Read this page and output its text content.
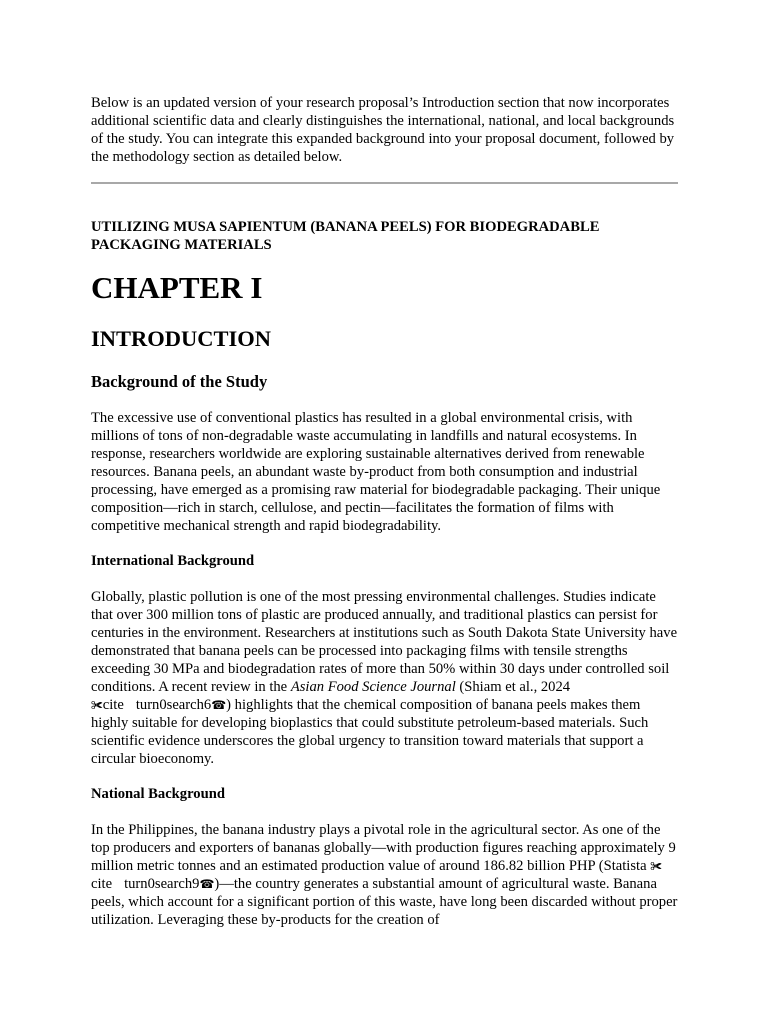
Below is an updated version of your research proposal’s Introduction section that now incorporates additional scientific data and clearly distinguishes the international, national, and local backgrounds of the study. You can integrate this expanded background into your proposal document, followed by the methodology section as detailed below.

UTILIZING MUSA SAPIENTUM (BANANA PEELS) FOR BIODEGRADABLE PACKAGING MATERIALS

CHAPTER I
INTRODUCTION
Background of the Study

The excessive use of conventional plastics has resulted in a global environmental crisis, with millions of tons of non-degradable waste accumulating in landfills and natural ecosystems. In response, researchers worldwide are exploring sustainable alternatives derived from renewable resources. Banana peels, an abundant waste by-product from both consumption and industrial processing, have emerged as a promising raw material for biodegradable packaging. Their unique composition—rich in starch, cellulose, and pectin—facilitates the formation of films with competitive mechanical strength and rapid biodegradability.

International Background

Globally, plastic pollution is one of the most pressing environmental challenges. Studies indicate that over 300 million tons of plastic are produced annually, and traditional plastics can persist for centuries in the environment. Researchers at institutions such as South Dakota State University have demonstrated that banana peels can be processed into packaging films with tensile strengths exceeding 30 MPa and biodegradation rates of more than 50% within 30 days under controlled soil conditions. A recent review in the Asian Food Science Journal (Shiam et al., 2024
✀cite turn0search6☎) highlights that the chemical composition of banana peels makes them highly suitable for developing bioplastics that could substitute petroleum-based materials. Such scientific evidence underscores the global urgency to transition toward materials that support a circular bioeconomy.

National Background

In the Philippines, the banana industry plays a pivotal role in the agricultural sector. As one of the top producers and exporters of bananas globally—with production figures reaching approximately 9 million metric tonnes and an estimated production value of around 186.82 billion PHP (Statista ✀cite turn0search9☎)—the country generates a substantial amount of agricultural waste. Banana peels, which account for a significant portion of this waste, have long been discarded without proper utilization. Leveraging these by-products for the creation of
